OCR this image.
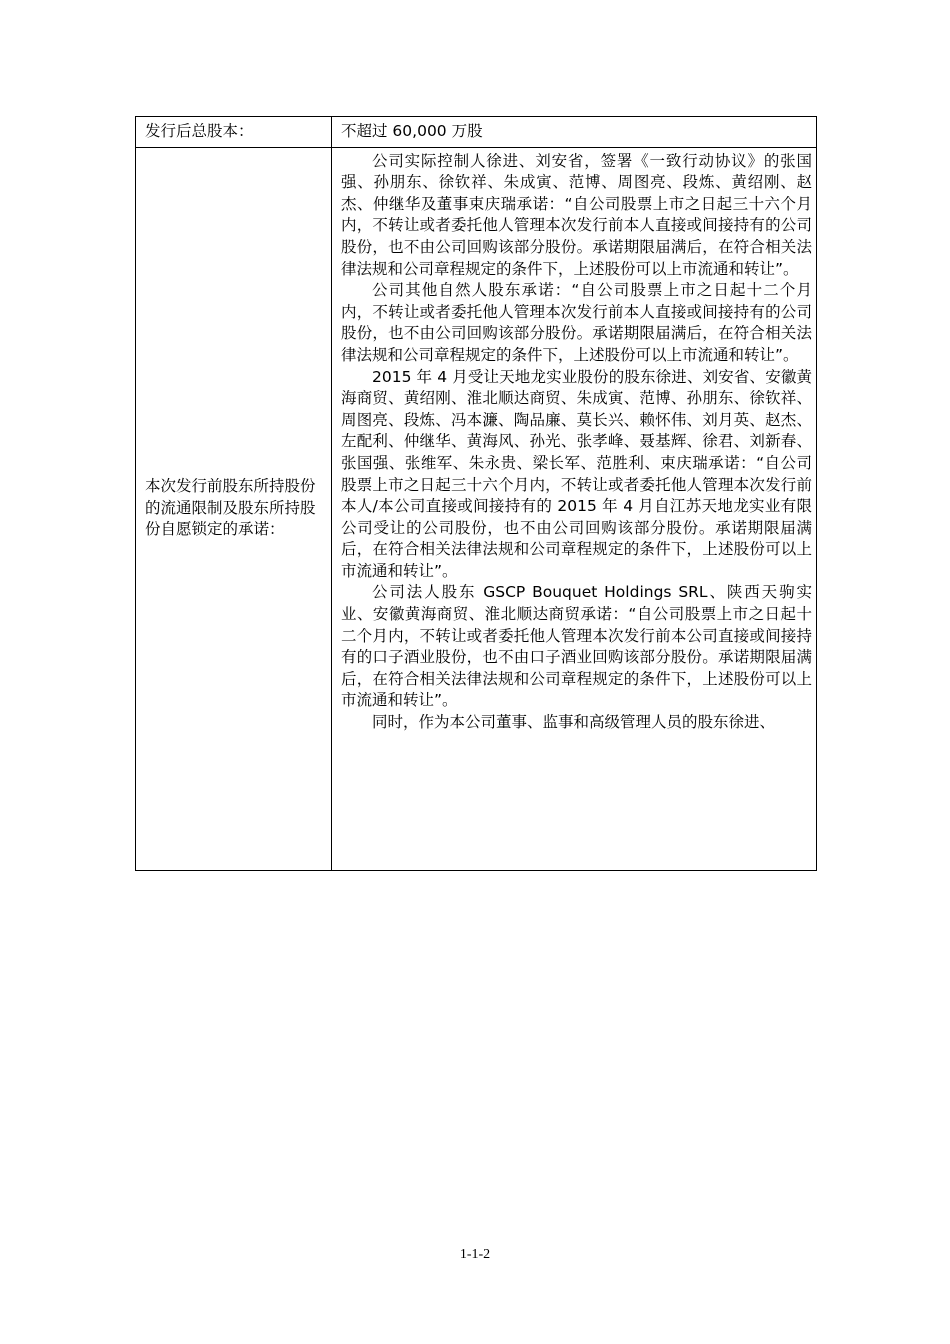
发行后总股本：	不超过 60,000 万股

本次发行前股东所持股份的流通限制及股东所持股份自愿锁定的承诺：	公司实际控制人徐进、刘安省，签署《一致行动协议》的张国强、孙朋东、徐钦祥、朱成寅、范博、周图亮、段炼、黄绍刚、赵杰、仲继华及董事束庆瑞承诺：“自公司股票上市之日起三十六个月内，不转让或者委托他人管理本次发行前本人直接或间接持有的公司股份，也不由公司回购该部分股份。承诺期限届满后，在符合相关法律法规和公司章程规定的条件下，上述股份可以上市流通和转让”。

公司其他自然人股东承诺：“自公司股票上市之日起十二个月内，不转让或者委托他人管理本次发行前本人直接或间接持有的公司股份，也不由公司回购该部分股份。承诺期限届满后，在符合相关法律法规和公司章程规定的条件下，上述股份可以上市流通和转让”。

2015 年 4 月受让天地龙实业股份的股东徐进、刘安省、安徽黄海商贸、黄绍刚、淮北顺达商贸、朱成寅、范博、孙朋东、徐钦祥、周图亮、段炼、冯本濂、陶品廉、莫长兴、赖怀伟、刘月英、赵杰、左配利、仲继华、黄海风、孙光、张孝峰、聂基辉、徐君、刘新春、张国强、张维军、朱永贵、梁长军、范胜利、束庆瑞承诺：“自公司股票上市之日起三十六个月内，不转让或者委托他人管理本次发行前本人/本公司直接或间接持有的 2015 年 4 月自江苏天地龙实业有限公司受让的公司股份，也不由公司回购该部分股份。承诺期限届满后，在符合相关法律法规和公司章程规定的条件下，上述股份可以上市流通和转让”。

公司法人股东 GSCP Bouquet Holdings SRL、陕西天驹实业、安徽黄海商贸、淮北顺达商贸承诺：“自公司股票上市之日起十二个月内，不转让或者委托他人管理本次发行前本公司直接或间接持有的口子酒业股份，也不由口子酒业回购该部分股份。承诺期限届满后，在符合相关法律法规和公司章程规定的条件下，上述股份可以上市流通和转让”。

同时，作为本公司董事、监事和高级管理人员的股东徐进、

1-1-2
